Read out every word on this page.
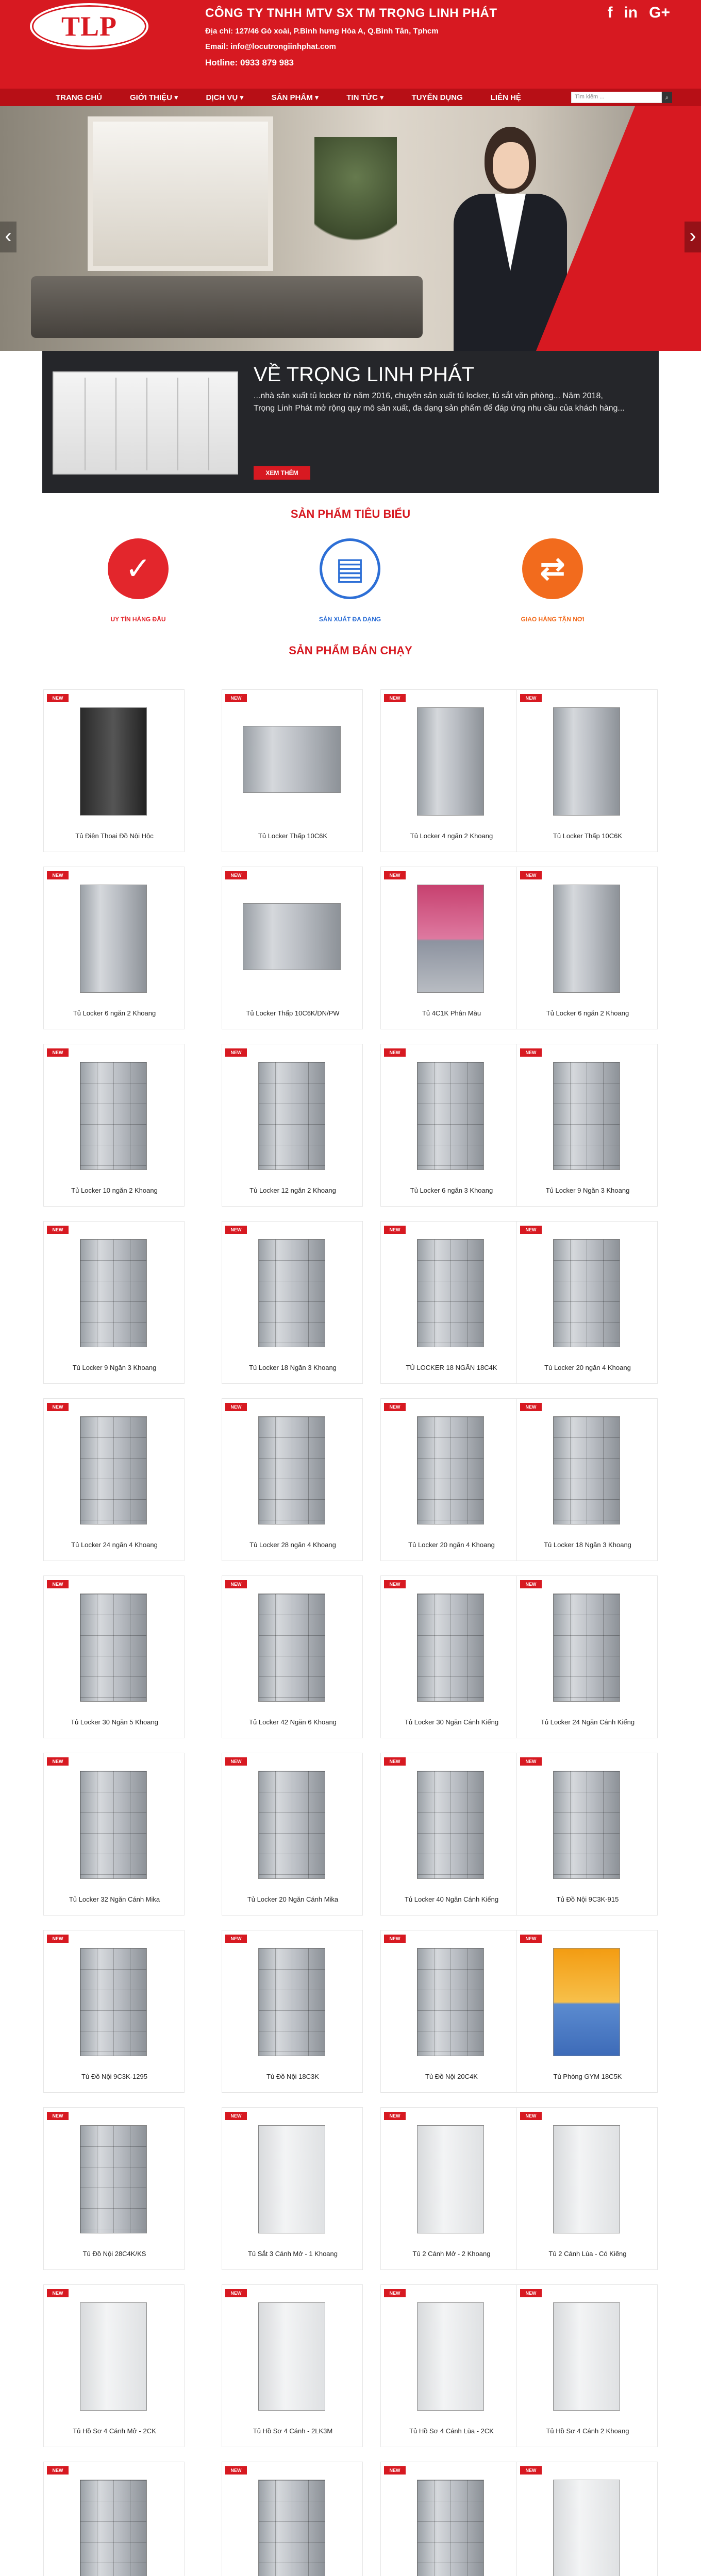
TLP	CÔNG TY TNHH MTV SX TM TRỌNG LINH PHÁT
Địa chỉ: 127/46 Gò xoài, P.Bình hưng Hòa A, Q.Bình Tân, Tphcm
Email: info@locutrongiinhphat.com
Hotline: 0933 879 983
f in G+
TRANG CHỦ	GIỚI THIỆU ▾	DỊCH VỤ ▾	SẢN PHẨM ▾	TIN TỨC ▾	TUYỂN DỤNG	LIÊN HỆ	Tìm kiếm ...	⌕
‹	›
VỀ TRỌNG LINH PHÁT
...nhà sản xuất tủ locker từ năm 2016, chuyên sản xuất tủ locker, tủ sắt văn phòng... Năm 2018, Trọng Linh Phát mở rộng quy mô sản xuất, đa dạng sản phẩm để đáp ứng nhu cầu của khách hàng...
XEM THÊM
SẢN PHẨM TIÊU BIỂU
✓
UY TÍN HÀNG ĐẦU
▤
SẢN XUẤT ĐA DẠNG
⇄
GIAO HÀNG TẬN NƠI
SẢN PHẨM BÁN CHẠY
NEW
Tủ Điện Thoại Đồ Nội Hộc
NEW
Tủ Locker Thấp 10C6K
NEW
Tủ Locker 4 ngăn 2 Khoang
NEW
Tủ Locker Thấp 10C6K
NEW
Tủ Locker 6 ngăn 2 Khoang
NEW
Tủ Locker Thấp 10C6K/DN/PW
NEW
Tủ 4C1K Phân Màu
NEW
Tủ Locker 6 ngăn 2 Khoang
NEW
Tủ Locker 10 ngăn 2 Khoang
NEW
Tủ Locker 12 ngăn 2 Khoang
NEW
Tủ Locker 6 ngăn 3 Khoang
NEW
Tủ Locker 9 Ngăn 3 Khoang
NEW
Tủ Locker 9 Ngăn 3 Khoang
NEW
Tủ Locker 18 Ngăn 3 Khoang
NEW
TỦ LOCKER 18 NGĂN 18C4K
NEW
Tủ Locker 20 ngăn 4 Khoang
NEW
Tủ Locker 24 ngăn 4 Khoang
NEW
Tủ Locker 28 ngăn 4 Khoang
NEW
Tủ Locker 20 ngăn 4 Khoang
NEW
Tủ Locker 18 Ngăn 3 Khoang
NEW
Tủ Locker 30 Ngăn 5 Khoang
NEW
Tủ Locker 42 Ngăn 6 Khoang
NEW
Tủ Locker 30 Ngăn Cánh Kiếng
NEW
Tủ Locker 24 Ngăn Cánh Kiếng
NEW
Tủ Locker 32 Ngăn Cánh Mika
NEW
Tủ Locker 20 Ngăn Cánh Mika
NEW
Tủ Locker 40 Ngăn Cánh Kiếng
NEW
Tủ Đồ Nội 9C3K-915
NEW
Tủ Đồ Nội 9C3K-1295
NEW
Tủ Đồ Nội 18C3K
NEW
Tủ Đồ Nội 20C4K
NEW
Tủ Phòng GYM 18C5K
NEW
Tủ Đồ Nội 28C4K/KS
NEW
Tủ Sắt 3 Cánh Mở - 1 Khoang
NEW
Tủ 2 Cánh Mở - 2 Khoang
NEW
Tủ 2 Cánh Lùa - Có Kiếng
NEW
Tủ Hồ Sơ 4 Cánh Mở - 2CK
NEW
Tủ Hồ Sơ 4 Cánh - 2LK3M
NEW
Tủ Hồ Sơ 4 Cánh Lùa - 2CK
NEW
Tủ Hồ Sơ 4 Cánh 2 Khoang
NEW	NEW	NEW	NEW
